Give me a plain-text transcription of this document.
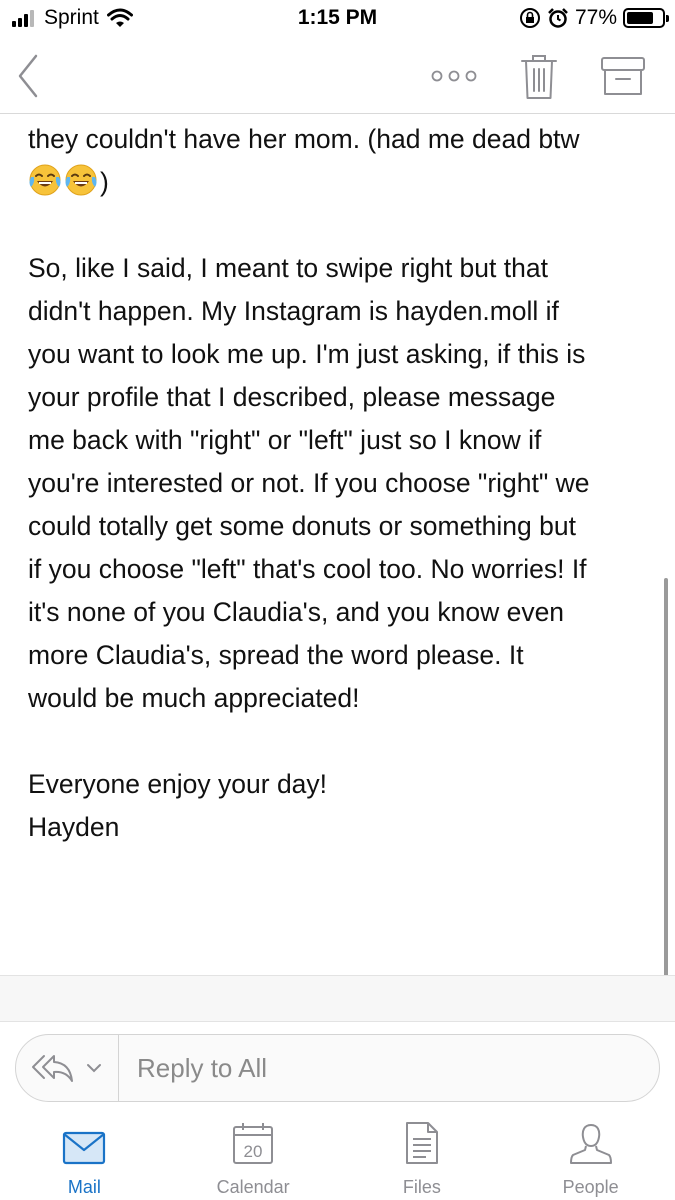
Sprint	1:15 PM	77%

they couldn't have her mom. (had me dead btw

)

So, like I said, I meant to swipe right but that

didn't happen. My Instagram is hayden.moll if

you want to look me up. I'm just asking, if this is

your profile that I described, please message

me back with "right" or "left" just so I know if

you're interested or not. If you choose "right" we

could totally get some donuts or something but

if you choose "left" that's cool too. No worries! If

it's none of you Claudia's, and you know even

more Claudia's, spread the word please. It

would be much appreciated!

Everyone enjoy your day!

Hayden

Reply to All
Mail
20
Calendar	Files	People
